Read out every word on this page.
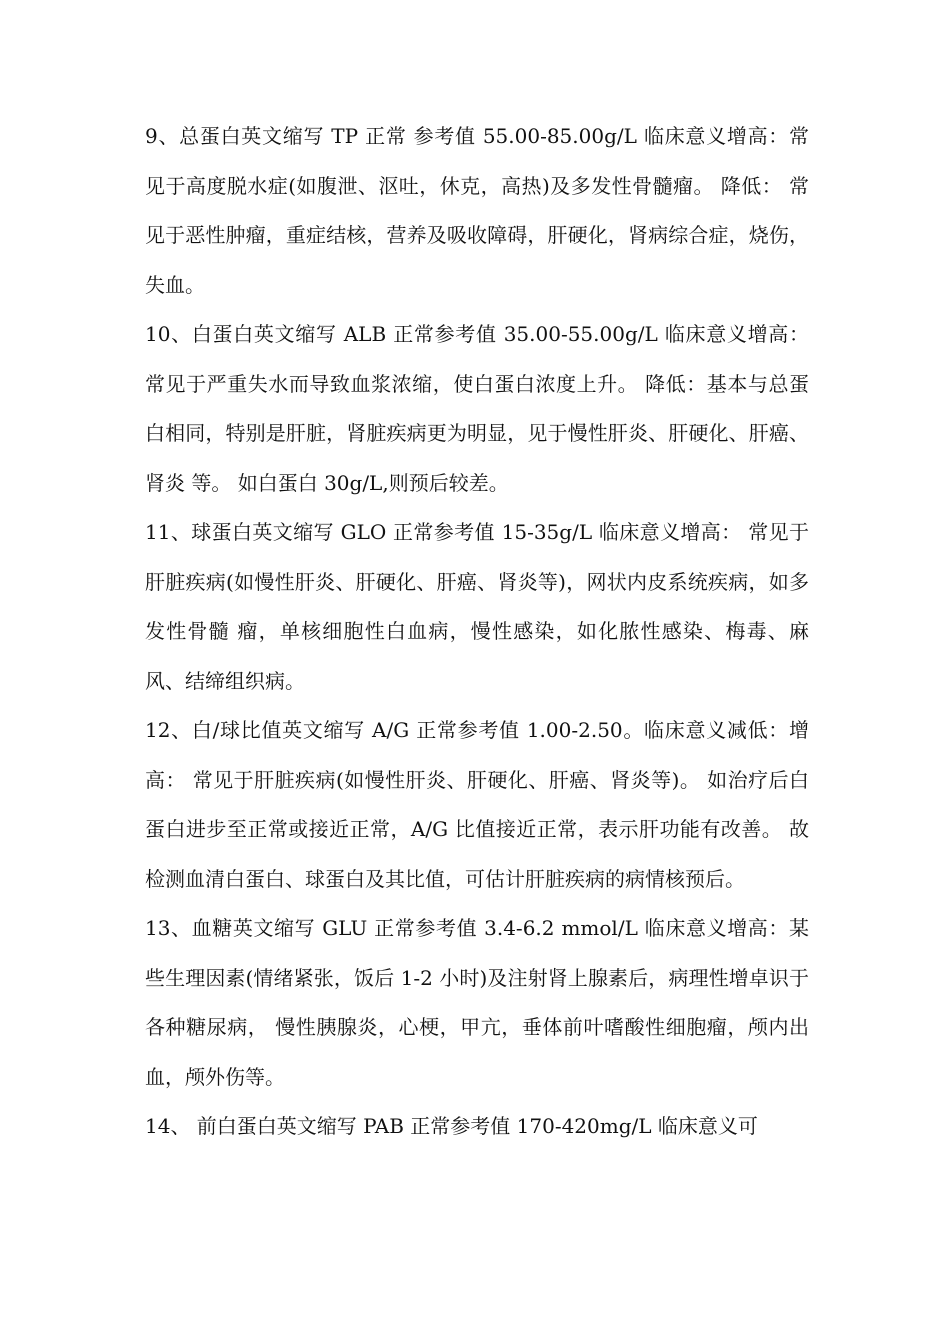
9、总蛋白英文缩写 TP 正常 参考值 55.00-85.00g/L 临床意义增高：常见于高度脱水症(如腹泄、沤吐，休克，高热)及多发性骨髓瘤。 降低： 常见于恶性肿瘤，重症结核，营养及吸收障碍，肝硬化，肾病综合症，烧伤，失血。

10、白蛋白英文缩写 ALB 正常参考值 35.00-55.00g/L 临床意义增高： 常见于严重失水而导致血浆浓缩，使白蛋白浓度上升。 降低：基本与总蛋白相同，特别是肝脏，肾脏疾病更为明显，见于慢性肝炎、肝硬化、肝癌、肾炎 等。 如白蛋白 30g/L,则预后较差。

11、球蛋白英文缩写 GLO 正常参考值 15-35g/L 临床意义增高： 常见于肝脏疾病(如慢性肝炎、肝硬化、肝癌、肾炎等)，网状内皮系统疾病，如多发性骨髓 瘤，单核细胞性白血病，慢性感染，如化脓性感染、梅毒、麻风、结缔组织病。

12、白/球比值英文缩写 A/G 正常参考值 1.00-2.50。临床意义减低：增高： 常见于肝脏疾病(如慢性肝炎、肝硬化、肝癌、肾炎等)。 如治疗后白蛋白进步至正常或接近正常，A/G 比值接近正常，表示肝功能有改善。 故检测血清白蛋白、球蛋白及其比值，可估计肝脏疾病的病情核预后。

13、血糖英文缩写 GLU 正常参考值 3.4-6.2 mmol/L 临床意义增高：某些生理因素(情绪紧张，饭后 1-2 小时)及注射肾上腺素后，病理性增卓识于各种糖尿病， 慢性胰腺炎，心梗，甲亢，垂体前叶嗜酸性细胞瘤，颅内出血，颅外伤等。

14、 前白蛋白英文缩写 PAB 正常参考值 170-420mg/L 临床意义可
